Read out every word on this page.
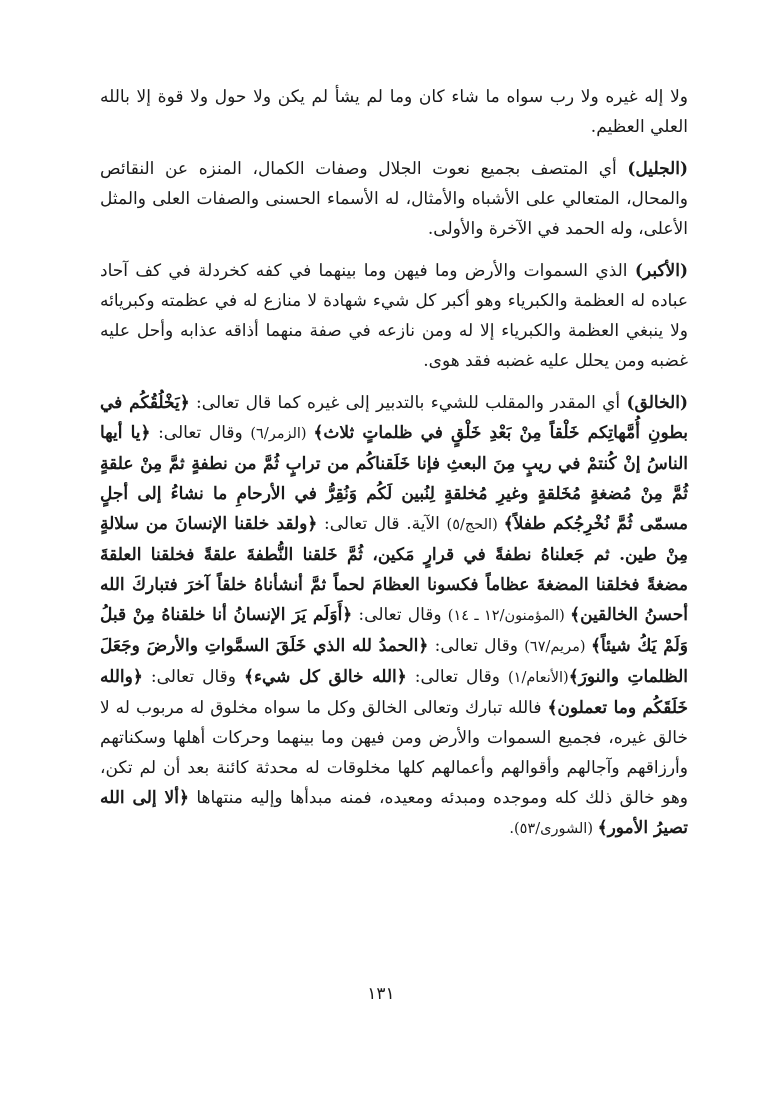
ولا إله غيره ولا رب سواه ما شاء كان وما لم يشأ لم يكن ولا حول ولا قوة إلا بالله العلي العظيم.

(الجليل) أي المتصف بجميع نعوت الجلال وصفات الكمال، المنزه عن النقائص والمحال، المتعالي على الأشباه والأمثال، له الأسماء الحسنى والصفات العلى والمثل الأعلى، وله الحمد في الآخرة والأولى.

(الأكبر) الذي السموات والأرض وما فيهن وما بينهما في كفه كخردلة في كف آحاد عباده له العظمة والكبرياء وهو أكبر كل شيء شهادة لا منازع له في عظمته وكبريائه ولا ينبغي العظمة والكبرياء إلا له ومن نازعه في صفة منهما أذاقه عذابه وأحل عليه غضبه ومن يحلل عليه غضبه فقد هوى.

(الخالق) أي المقدر والمقلب للشيء بالتدبير إلى غيره كما قال تعالى: ﴿يَخْلُقُكُم في بطونِ أُمَّهاتِكم خَلْقاً مِنْ بَعْدِ خَلْقٍ في ظلماتٍ ثلاث﴾ (الزمر/٦) وقال تعالى: ﴿يا أيها الناسُ إنْ كُنتمْ في ريبٍ مِنَ البعثِ فإنا خَلَقناكُم من ترابٍ ثُمَّ من نطفةٍ ثمَّ مِنْ علقةٍ ثُمَّ مِنْ مُضغةٍ مُخَلقةٍ وغيرِ مُخلقةٍ لِنُبين لَكُم وَنُقِرُّ في الأرحامِ ما نشاءُ إلى أجلٍ مسمّى ثُمَّ نُخْرِجُكم طفلاً﴾ (الحج/٥) الآية. قال تعالى: ﴿ولقد خلقنا الإنسانَ من سلالةٍ مِنْ طين. ثم جَعلناهُ نطفةً في قرارٍ مَكين، ثُمَّ خَلقنا النُّطفةَ علقةً فخلقنا العلقةَ مضغةً فخلقنا المضغةَ عظاماً فكسونا العظامَ لحماً ثمَّ أنشأناهُ خلقاً آخرَ فتباركَ الله أحسنُ الخالقين﴾ (المؤمنون/١٢ ـ ١٤) وقال تعالى: ﴿أَوَلَم يَرَ الإنسانُ أنا خلقناهُ مِنْ قبلُ وَلَمْ يَكُ شيئاً﴾ (مريم/٦٧) وقال تعالى: ﴿الحمدُ لله الذي خَلَقَ السمَّواتِ والأرضَ وجَعَلَ الظلماتِ والنورَ﴾(الأنعام/١) وقال تعالى: ﴿الله خالق كل شيء﴾ وقال تعالى: ﴿والله خَلَقَكُم وما تعملون﴾ فالله تبارك وتعالى الخالق وكل ما سواه مخلوق له مربوب له لا خالق غيره، فجميع السموات والأرض ومن فيهن وما بينهما وحركات أهلها وسكناتهم وأرزاقهم وآجالهم وأقوالهم وأعمالهم كلها مخلوقات له محدثة كائنة بعد أن لم تكن، وهو خالق ذلك كله وموجده ومبدئه ومعيده، فمنه مبدأها وإليه منتهاها ﴿ألا إلى الله تصيرُ الأمور﴾ (الشورى/٥٣).

١٣١
